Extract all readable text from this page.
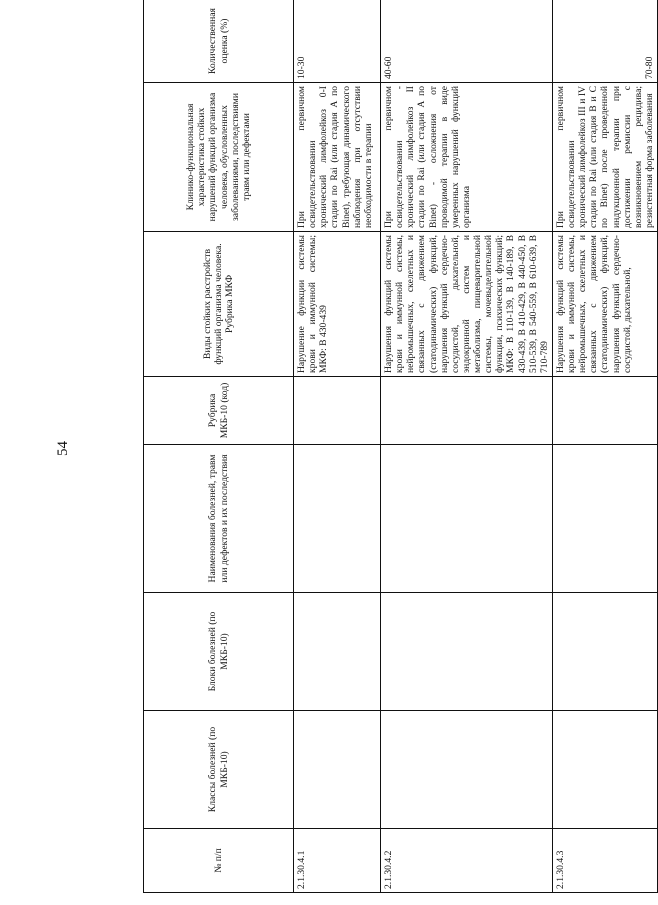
54
№ п/п	Классы болезней (по МКБ-10)	Блоки болезней (по МКБ-10)	Наименования болезней, травм или дефектов и их последствия	Рубрика МКБ-10 (код)	Виды стойких расстройств функций организма человека. Рубрика МКФ	Клинико-функциональная характеристика стойких нарушений функций организма человека, обусловленных заболеваниями, последствиями травм или дефектами	Количественная оценка (%)
2.1.30.4.1					Нарушение функции системы крови и иммунной системы; МКФ: В 430-439	При первичном освидетельствовании хронический лимфолейкоз 0-I стадии по Rai (или стадия А по Binet), требующая динамического наблюдения при отсутствии необходимости в терапии	10-30
2.1.30.4.2					Нарушения функций системы крови и иммунной системы, нейромышечных, скелетных и связанных с движением (статодинамических) функций, нарушения функций сердечно-сосудистой, дыхательной, эндокринной систем и метаболизма, пищеварительной системы, мочевыделительной функции, психических функций; МКФ: В 110-139, В 140-189, В 430-439, В 410-429, В 440-450, В 510-539, В 540-559, В 610-639, В 710-789	При первичном освидетельствовании - хронический лимфолейкоз II стадии по Rai (или стадия А по Binet) - осложнения от проводимой терапии в виде умеренных нарушений функций организма	40-60
2.1.30.4.3					Нарушения функций системы крови и иммунной системы, нейромышечных, скелетных и связанных с движением (статодинамических) функций, нарушения функций сердечно-сосудистой, дыхательной,	При первичном освидетельствовании хронический лимфолейкоз III и IV стадии по Rai (или стадия В и С по Binet) после проведенной индукционной терапии при достижении ремиссии с возникновением рецидива; резистентная форма заболевания	70-80
